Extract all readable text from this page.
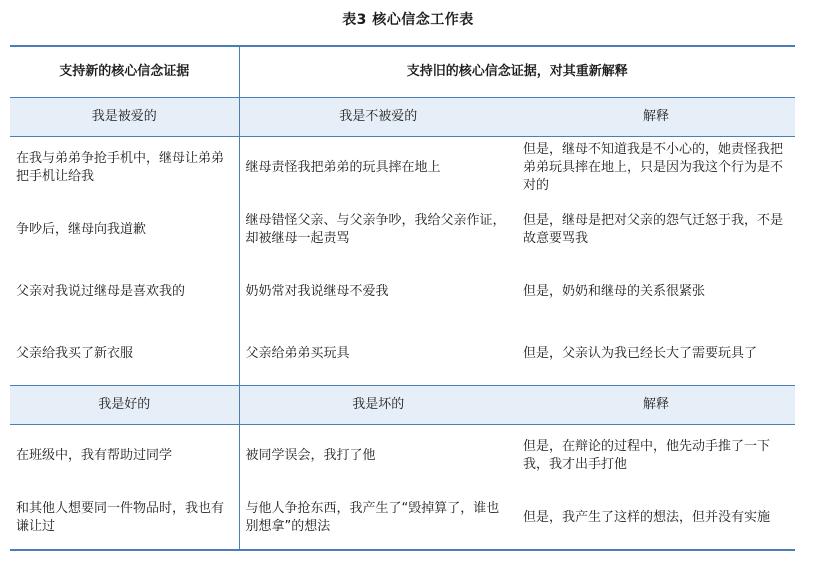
表3 核心信念工作表
支持新的核心信念证据	支持旧的核心信念证据，对其重新解释	
我是被爱的	我是不被爱的	解释
在我与弟弟争抢手机中，继母让弟弟把手机让给我	继母责怪我把弟弟的玩具摔在地上	但是，继母不知道我是不小心的，她责怪我把弟弟玩具摔在地上，只是因为我这个行为是不对的
争吵后，继母向我道歉	继母错怪父亲、与父亲争吵，我给父亲作证，却被继母一起责骂	但是，继母是把对父亲的怨气迁怒于我，不是故意要骂我
父亲对我说过继母是喜欢我的	奶奶常对我说继母不爱我	但是，奶奶和继母的关系很紧张
父亲给我买了新衣服	父亲给弟弟买玩具	但是，父亲认为我已经长大了需要玩具了
我是好的	我是坏的	解释
在班级中，我有帮助过同学	被同学误会，我打了他	但是，在辩论的过程中，他先动手推了一下我，我才出手打他
和其他人想要同一件物品时，我也有谦让过	与他人争抢东西，我产生了“毁掉算了，谁也别想拿”的想法	但是，我产生了这样的想法，但并没有实施
